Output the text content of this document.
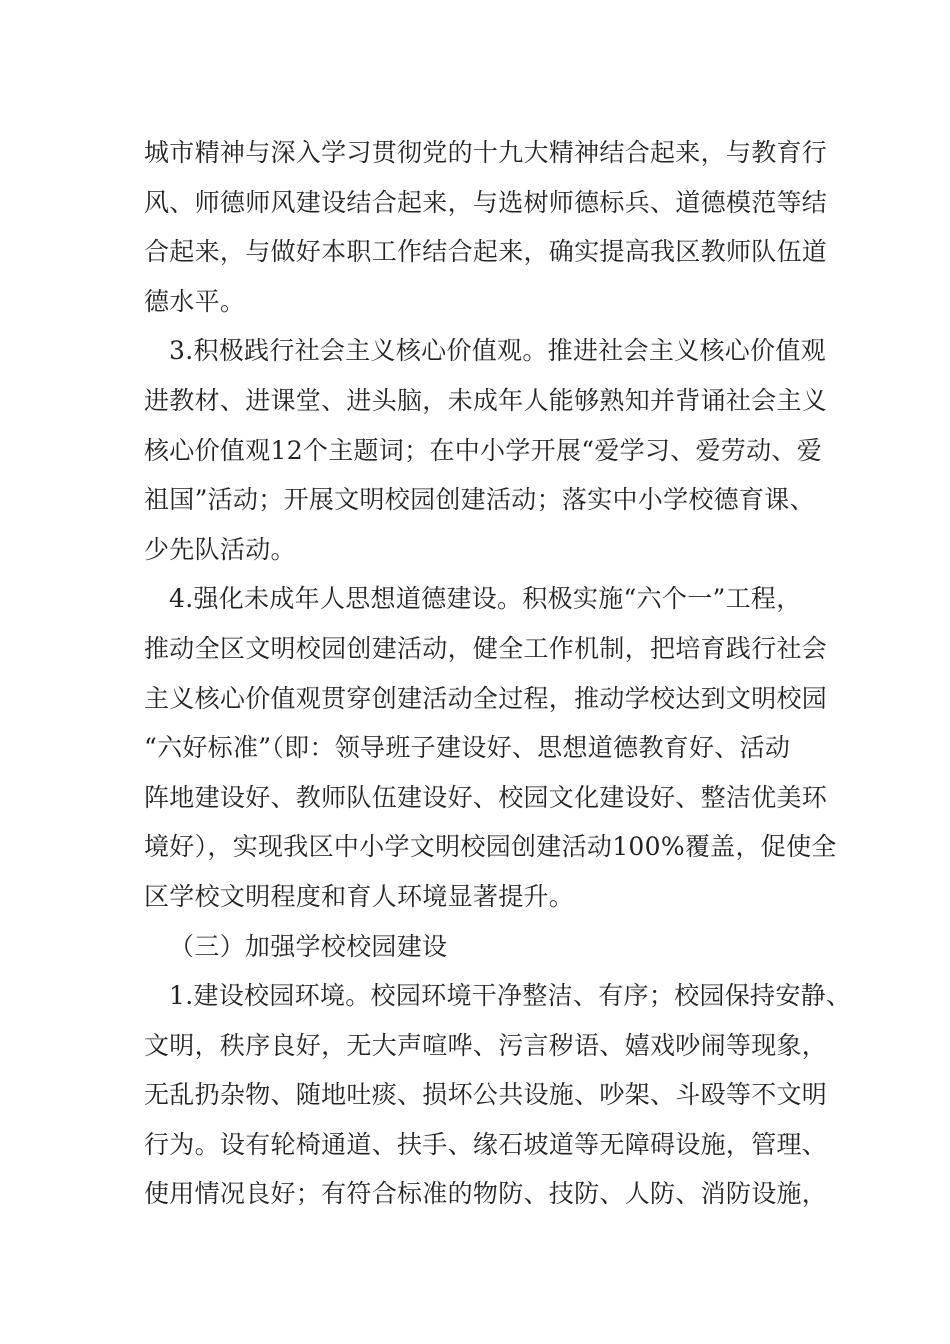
城市精神与深入学习贯彻党的十九大精神结合起来，与教育行
风、师德师风建设结合起来，与选树师德标兵、道德模范等结
合起来，与做好本职工作结合起来，确实提高我区教师队伍道
德水平。
3.积极践行社会主义核心价值观。推进社会主义核心价值观
进教材、进课堂、进头脑，未成年人能够熟知并背诵社会主义
核心价值观12个主题词；在中小学开展“爱学习、爱劳动、爱
祖国”活动；开展文明校园创建活动；落实中小学校德育课、
少先队活动。
4.强化未成年人思想道德建设。积极实施“六个一”工程，
推动全区文明校园创建活动，健全工作机制，把培育践行社会
主义核心价值观贯穿创建活动全过程，推动学校达到文明校园
“六好标准”（即：领导班子建设好、思想道德教育好、活动
阵地建设好、教师队伍建设好、校园文化建设好、整洁优美环
境好），实现我区中小学文明校园创建活动100%覆盖，促使全
区学校文明程度和育人环境显著提升。
（三）加强学校校园建设
1.建设校园环境。校园环境干净整洁、有序；校园保持安静、
文明，秩序良好，无大声喧哗、污言秽语、嬉戏吵闹等现象，
无乱扔杂物、随地吐痰、损坏公共设施、吵架、斗殴等不文明
行为。设有轮椅通道、扶手、缘石坡道等无障碍设施，管理、
使用情况良好；有符合标准的物防、技防、人防、消防设施，
